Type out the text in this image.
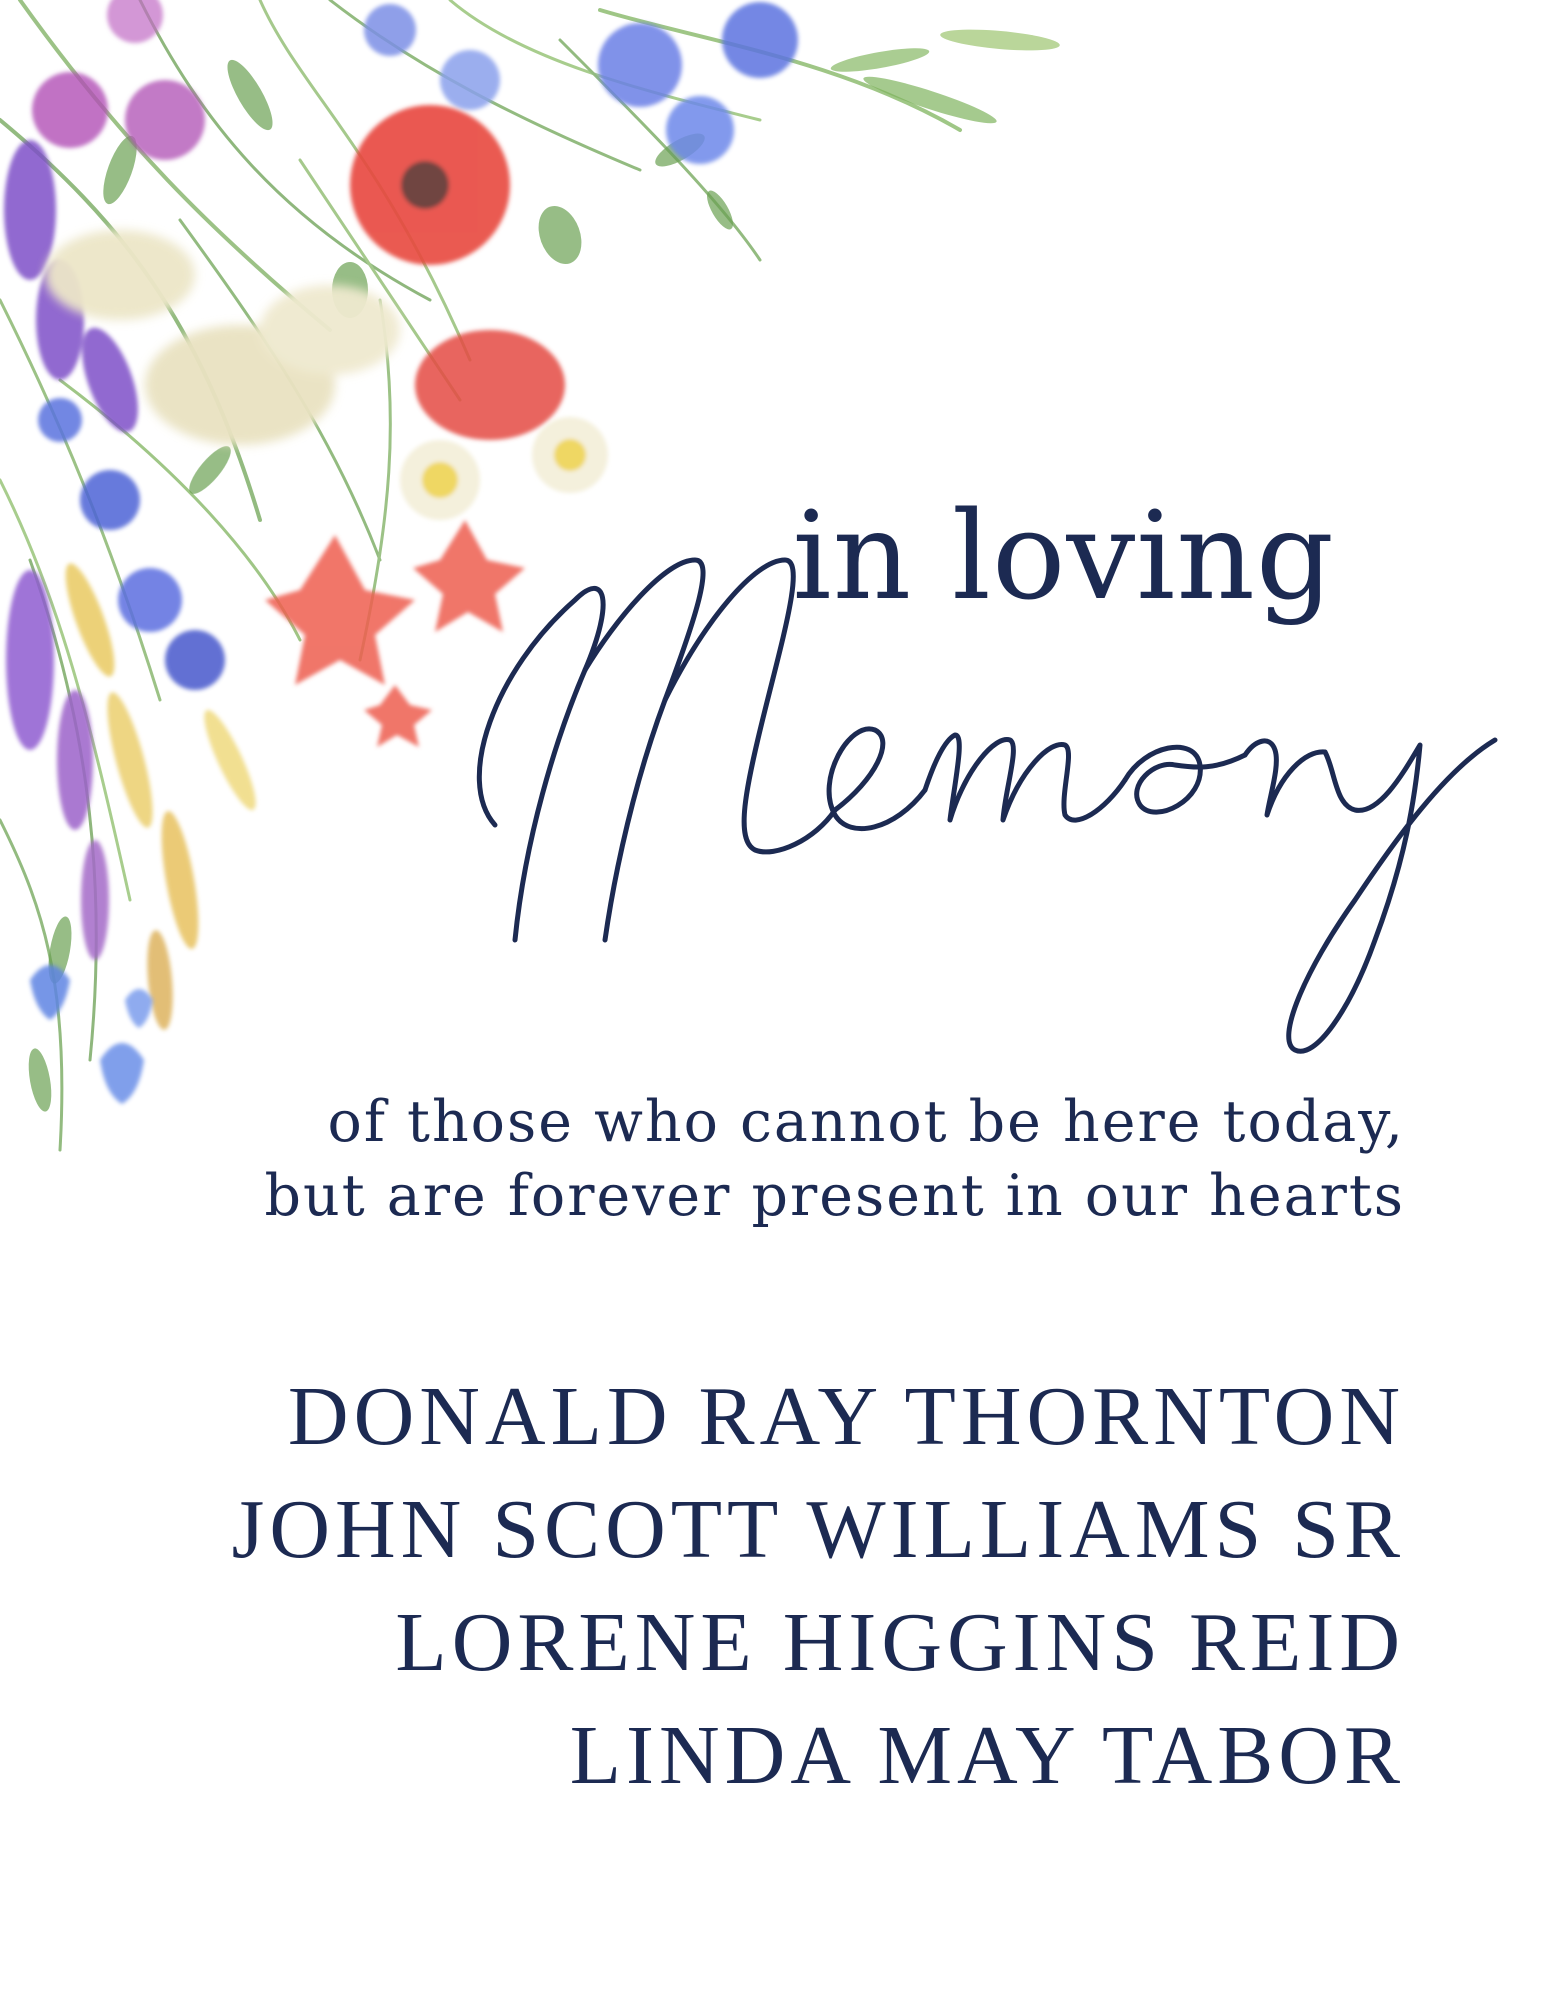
in loving

of those who cannot be here today,
but are forever present in our hearts

DONALD RAY THORNTON
JOHN SCOTT WILLIAMS SR
LORENE HIGGINS REID
LINDA MAY TABOR
